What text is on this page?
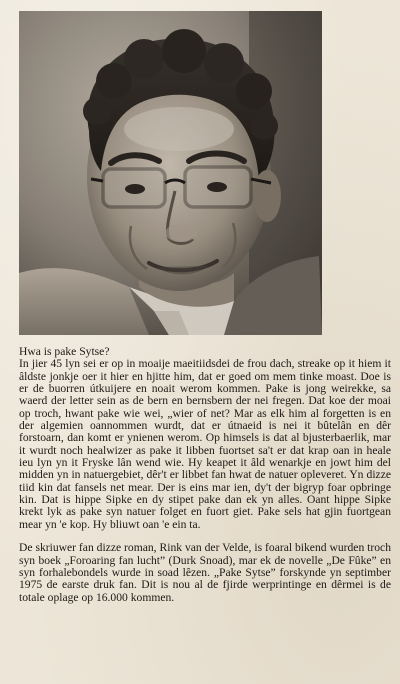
Hwa is pake Sytse?

In jier 45 lyn sei er op in moaije maeitiidsdei de frou dach, streake op it hiem it âldste jonkje oer it hier en hjitte him, dat er goed om mem tinke moast. Doe is er de buorren útkuijere en noait werom kommen. Pake is jong weirekke, sa waerd der letter sein as de bern en bernsbern der nei fregen. Dat koe der moai op troch, hwant pake wie wei, „wier of net? Mar as elk him al forgetten is en der algemien oannommen wurdt, dat er útnaeid is nei it bûtelân en dêr forstoarn, dan komt er ynienen werom. Op himsels is dat al bjusterbaerlik, mar it wurdt noch healwizer as pake it libben fuortset sa't er dat krap oan in heale ieu lyn yn it Fryske lân wend wie. Hy keapet it âld wenarkje en jowt him del midden yn in natuergebiet, dêr't er libbet fan hwat de natuer opleveret. Yn dizze tiid kin dat fansels net mear. Der is eins mar ien, dy't der bigryp foar opbringe kin. Dat is hippe Sipke en dy stipet pake dan ek yn alles. Oant hippe Sipke krekt lyk as pake syn natuer folget en fuort giet. Pake sels hat gjin fuortgean mear yn 'e kop. Hy bliuwt oan 'e ein ta.

De skriuwer fan dizze roman, Rink van der Velde, is foaral bikend wurden troch syn boek „Foroaring fan lucht” (Durk Snoad), mar ek de novelle „De Fûke” en syn forhalebondels wurde in soad lêzen. „Pake Sytse” forskynde yn septimber 1975 de earste druk fan. Dit is nou al de fjirde werprintinge en dêrmei is de totale oplage op 16.000 kommen.
